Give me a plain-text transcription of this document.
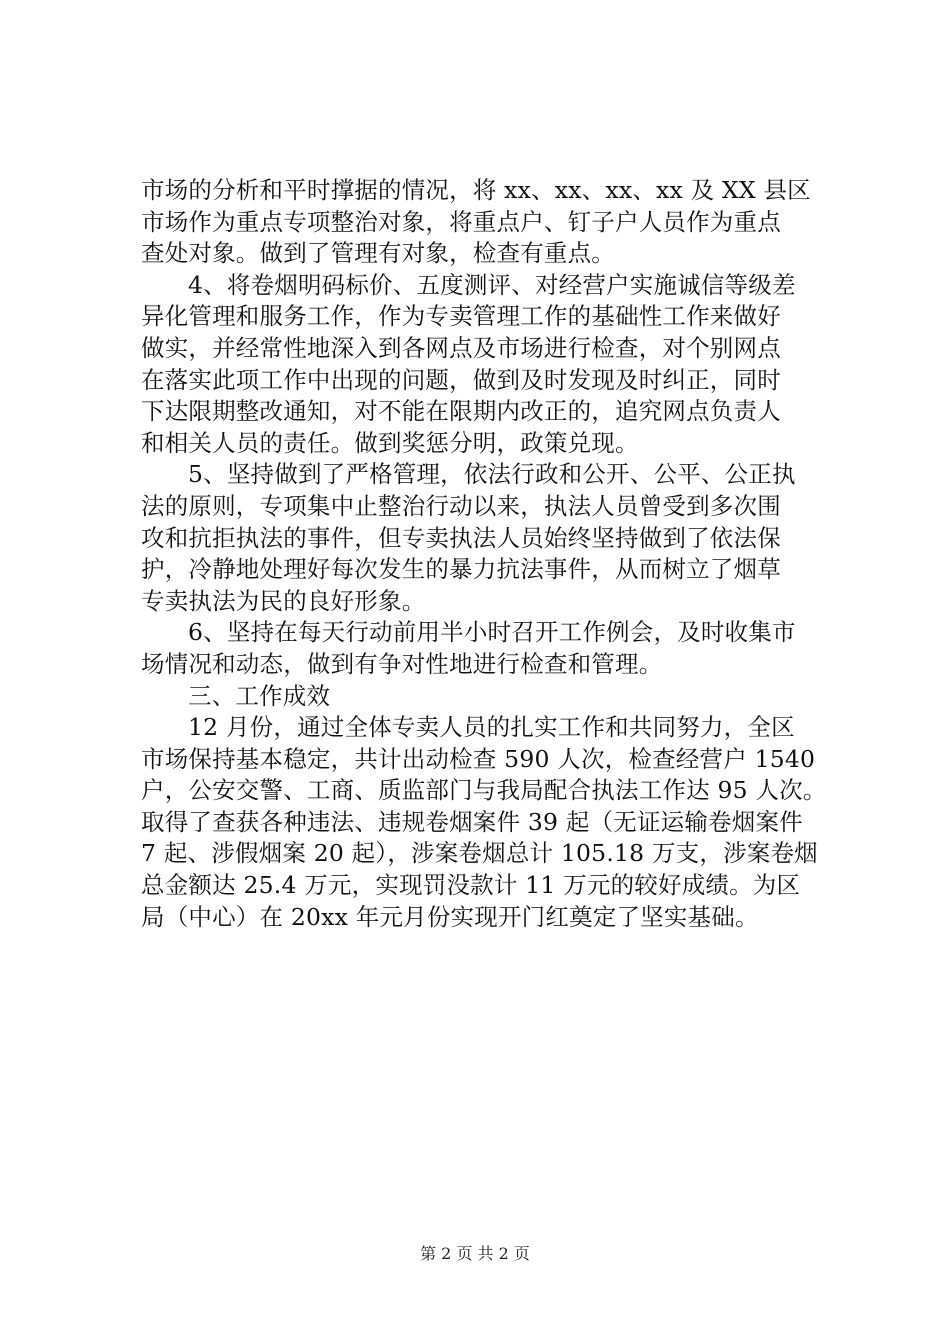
市场的分析和平时撑据的情况，将 xx、xx、xx、xx 及 XX 县区
市场作为重点专项整治对象，将重点户、钉子户人员作为重点
查处对象。做到了管理有对象，检查有重点。
4、将卷烟明码标价、五度测评、对经营户实施诚信等级差
异化管理和服务工作，作为专卖管理工作的基础性工作来做好
做实，并经常性地深入到各网点及市场进行检查，对个别网点
在落实此项工作中出现的问题，做到及时发现及时纠正，同时
下达限期整改通知，对不能在限期内改正的，追究网点负责人
和相关人员的责任。做到奖惩分明，政策兑现。
5、坚持做到了严格管理，依法行政和公开、公平、公正执
法的原则，专项集中止整治行动以来，执法人员曾受到多次围
攻和抗拒执法的事件，但专卖执法人员始终坚持做到了依法保
护，冷静地处理好每次发生的暴力抗法事件，从而树立了烟草
专卖执法为民的良好形象。
6、坚持在每天行动前用半小时召开工作例会，及时收集市
场情况和动态，做到有争对性地进行检查和管理。
三、工作成效
12 月份，通过全体专卖人员的扎实工作和共同努力，全区
市场保持基本稳定，共计出动检查 590 人次，检查经营户 1540
户，公安交警、工商、质监部门与我局配合执法工作达 95 人次。
取得了查获各种违法、违规卷烟案件 39 起（无证运输卷烟案件
7 起、涉假烟案 20 起），涉案卷烟总计 105.18 万支，涉案卷烟
总金额达 25.4 万元，实现罚没款计 11 万元的较好成绩。为区
局（中心）在 20xx 年元月份实现开门红奠定了坚实基础。
第 2 页 共 2 页
